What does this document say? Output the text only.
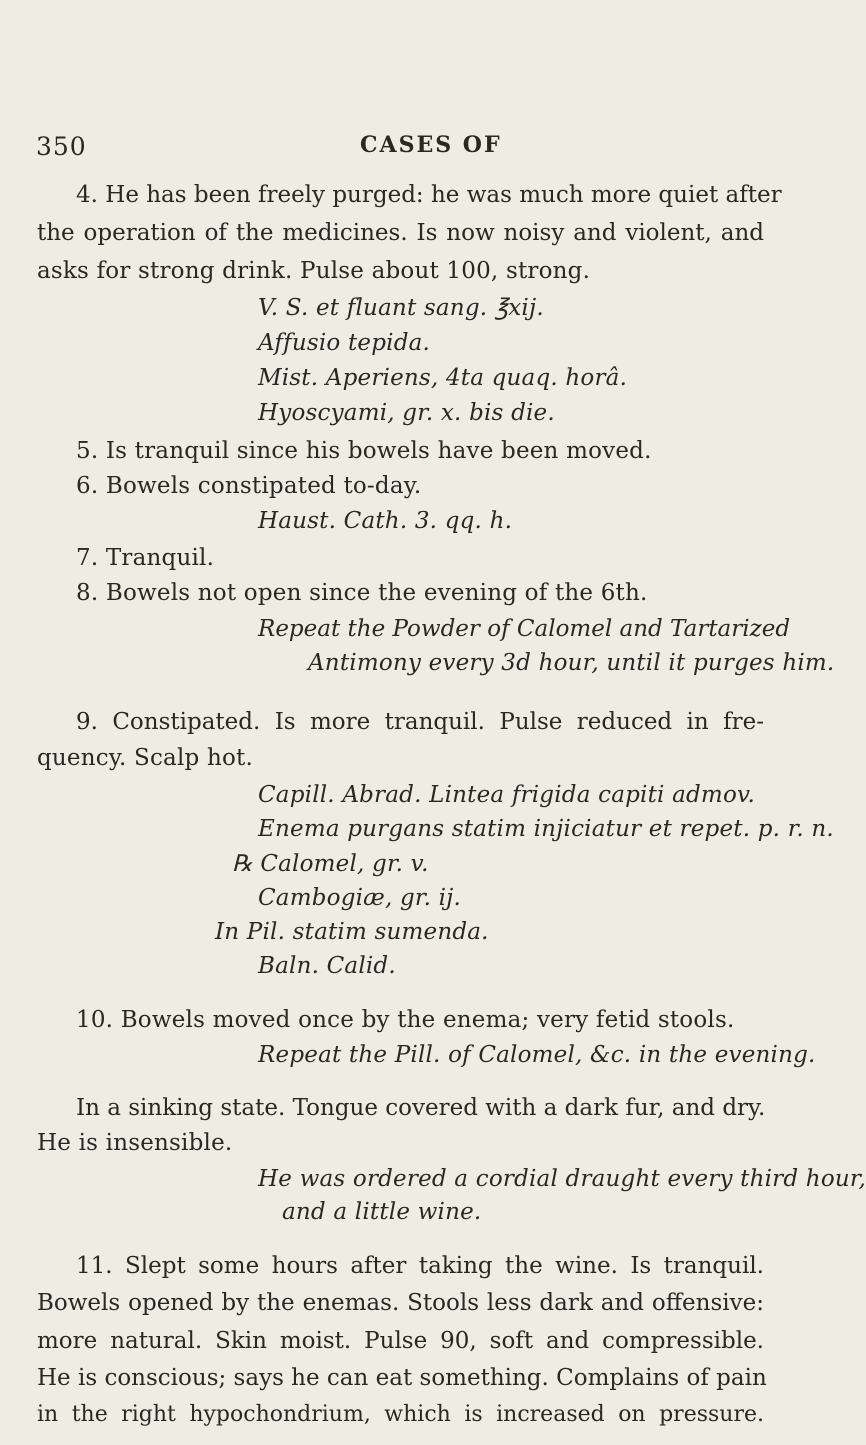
350	CASES OF
4. He has been freely purged: he was much more quiet after
the operation of the medicines. Is now noisy and violent, and
asks for strong drink. Pulse about 100, strong.
V. S. et fluant sang. ℥xij.
Affusio tepida.
Mist. Aperiens, 4ta quaq. horâ.
Hyoscyami, gr. x. bis die.
5. Is tranquil since his bowels have been moved.
6. Bowels constipated to-day.
Haust. Cath. 3. qq. h.
7. Tranquil.
8. Bowels not open since the evening of the 6th.
Repeat the Powder of Calomel and Tartarized
Antimony every 3d hour, until it purges him.
9. Constipated. Is more tranquil. Pulse reduced in fre-
quency. Scalp hot.
Capill. Abrad. Lintea frigida capiti admov.
Enema purgans statim injiciatur et repet. p. r. n.
℞ Calomel, gr. v.
Cambogiæ, gr. ij.
In Pil. statim sumenda.
Baln. Calid.
10. Bowels moved once by the enema; very fetid stools.
Repeat the Pill. of Calomel, &c. in the evening.
In a sinking state. Tongue covered with a dark fur, and dry.
He is insensible.
He was ordered a cordial draught every third hour,
and a little wine.
11. Slept some hours after taking the wine. Is tranquil.
Bowels opened by the enemas. Stools less dark and offensive:
more natural. Skin moist. Pulse 90, soft and compressible.
He is conscious; says he can eat something. Complains of pain
in the right hypochondrium, which is increased on pressure.
